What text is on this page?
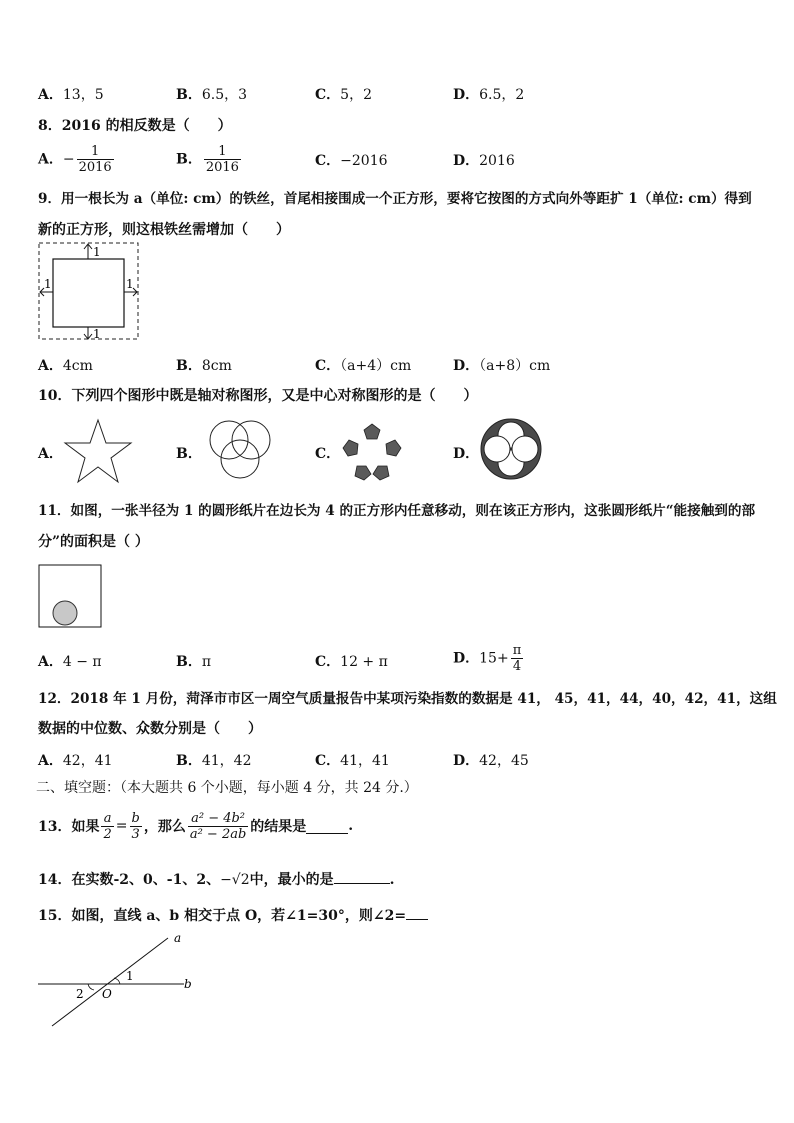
A．13，5	B．6.5，3	C．5，2	D．6.5，2
8．2016 的相反数是（　　）
A．− $\frac{1}{2016}$	B． $\frac{1}{2016}$	C．−2016	D．2016
9．用一根长为 a（单位: cm）的铁丝，首尾相接围成一个正方形，要将它按图的方式向外等距扩 1（单位: cm）得到
新的正方形，则这根铁丝需增加（　　）
1
1
1	1
A．4cm	B．8cm	C．（a+4）cm	D．（a+8）cm
10．下列四个图形中既是轴对称图形，又是中心对称图形的是（　　）
A．	B．	C．	D．
11．如图，一张半径为 1 的圆形纸片在边长为 4 的正方形内任意移动，则在该正方形内，这张圆形纸片“能接触到的部
分”的面积是（ ）
A．4 − π	B．π	C．12 + π	D．$15+ \frac{\pi}{4}$
12．2018 年 1 月份，菏泽市市区一周空气质量报告中某项污染指数的数据是 41， 45，41，44，40，42，41，这组
数据的中位数、众数分别是（　　）
A．42，41	B．41，42	C．41，41	D．42，45
二、填空题：（本大题共 6 个小题，每小题 4 分，共 24 分.）
13．如果 $\frac{a}{2} = \frac{b}{3}$ ，那么 $\frac{\text{a² − 4b²}}{\text{a² − 2ab}}$ 的结果是	.
14．在实数-2、0、-1、2、−√2中，最小的是	.
15．如图，直线 a、b 相交于点 O，若∠1=30°，则∠2=
a
b
O
1
2
